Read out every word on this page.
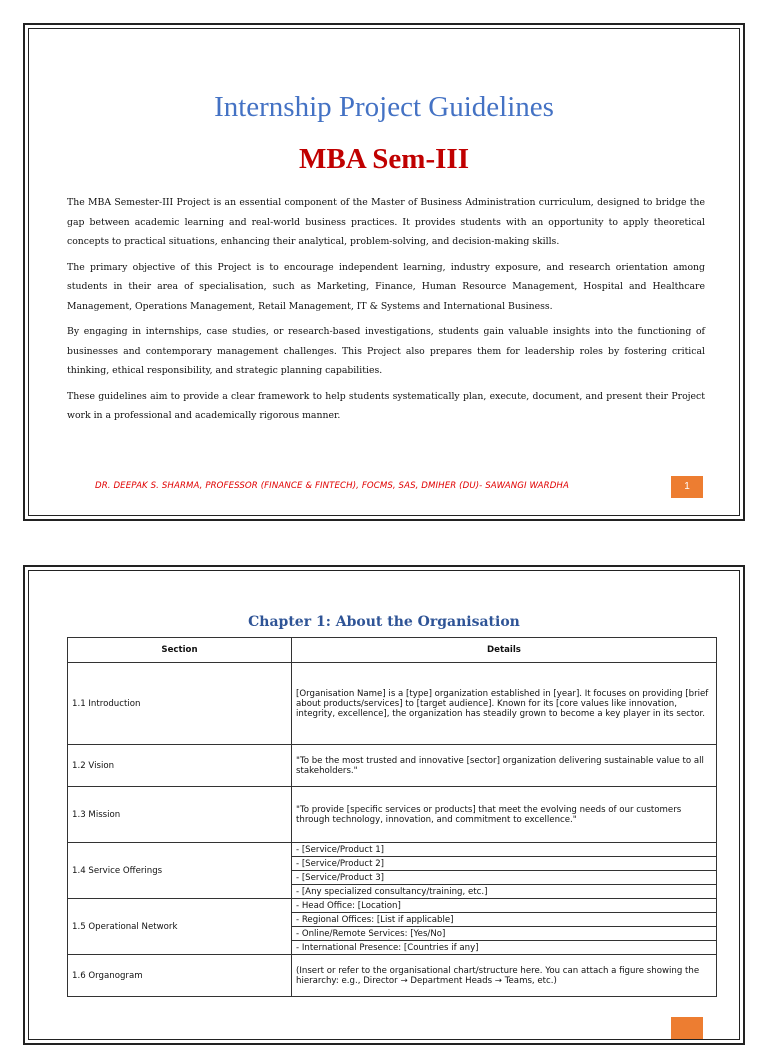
Internship Project Guidelines
MBA Sem-III

The MBA Semester-III Project is an essential component of the Master of Business Administration curriculum, designed to bridge the gap between academic learning and real-world business practices. It provides students with an opportunity to apply theoretical concepts to practical situations, enhancing their analytical, problem-solving, and decision-making skills.

The primary objective of this Project is to encourage independent learning, industry exposure, and research orientation among students in their area of specialisation, such as Marketing, Finance, Human Resource Management, Hospital and Healthcare Management, Operations Management, Retail Management, IT & Systems and International Business.

By engaging in internships, case studies, or research-based investigations, students gain valuable insights into the functioning of businesses and contemporary management challenges. This Project also prepares them for leadership roles by fostering critical thinking, ethical responsibility, and strategic planning capabilities.

These guidelines aim to provide a clear framework to help students systematically plan, execute, document, and present their Project work in a professional and academically rigorous manner.

DR. DEEPAK S. SHARMA, PROFESSOR (FINANCE & FINTECH), FOCMS, SAS, DMIHER (DU)- SAWANGI WARDHA	1
Chapter 1: About the Organisation
Section	Details
1.1 Introduction	[Organisation Name] is a [type] organization established in [year]. It focuses on providing [brief about products/services] to [target audience]. Known for its [core values like innovation, integrity, excellence], the organization has steadily grown to become a key player in its sector.
1.2 Vision	"To be the most trusted and innovative [sector] organization delivering sustainable value to all stakeholders."
1.3 Mission	"To provide [specific services or products] that meet the evolving needs of our customers through technology, innovation, and commitment to excellence."
1.4 Service Offerings	- [Service/Product 1]
	- [Service/Product 2]
	- [Service/Product 3]
	- [Any specialized consultancy/training, etc.]
1.5 Operational Network	- Head Office: [Location]
	- Regional Offices: [List if applicable]
	- Online/Remote Services: [Yes/No]
	- International Presence: [Countries if any]
1.6 Organogram	(Insert or refer to the organisational chart/structure here. You can attach a figure showing the hierarchy: e.g., Director → Department Heads → Teams, etc.)
